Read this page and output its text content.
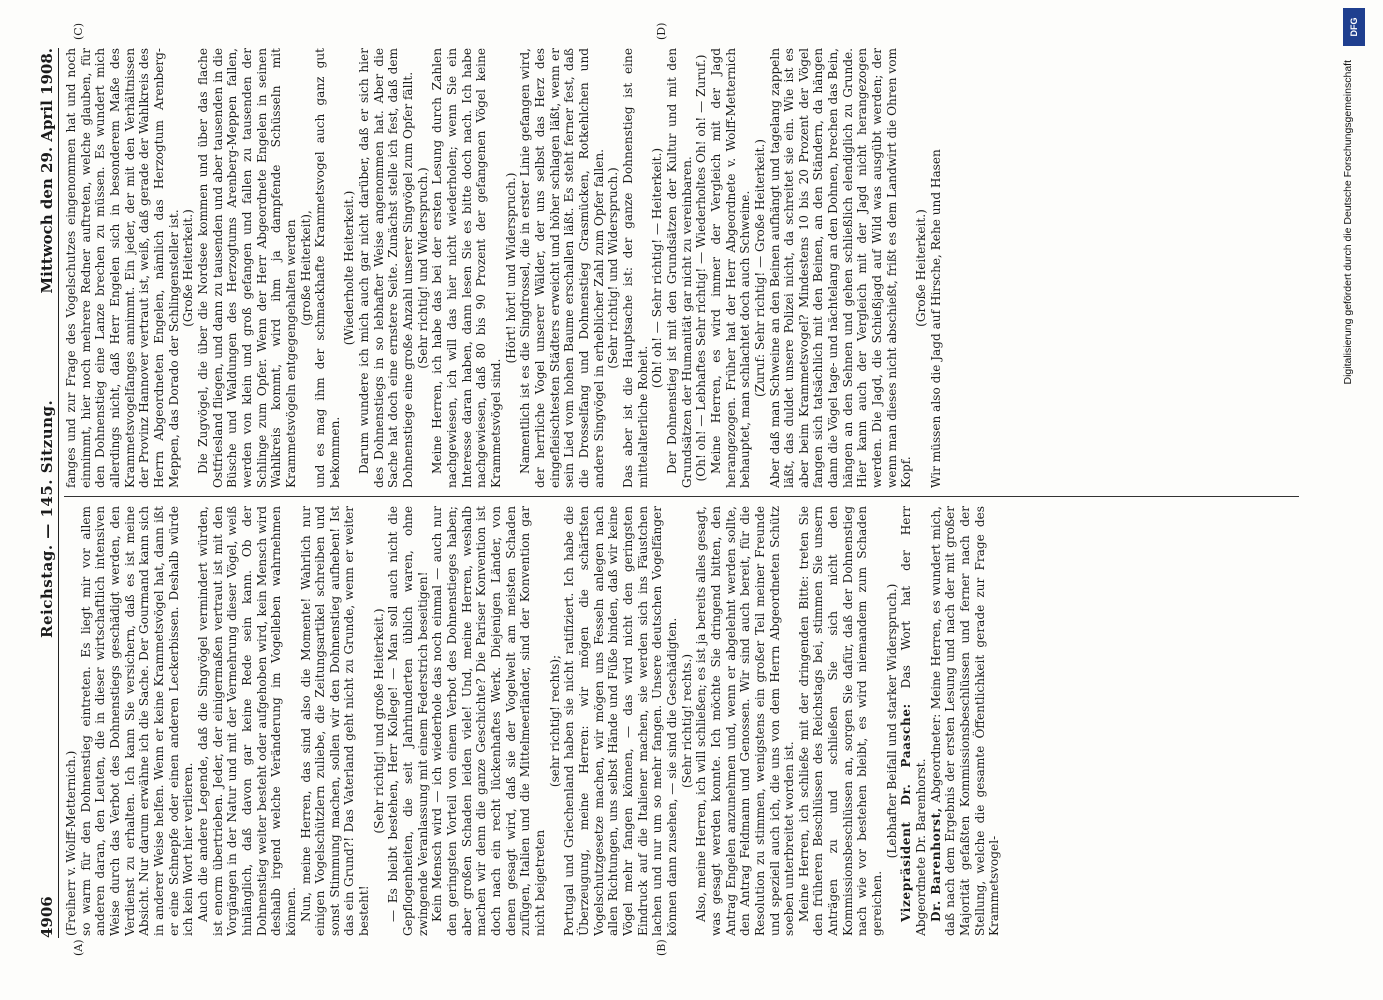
4906
Reichstag. — 145. Sitzung.
Mittwoch den 29. April 1908.
(A)	(B)
(C)	(D)

(Freiherr v. Wolff-Metternich.) so warm für den Dohnenstieg eintreten. Es liegt mir vor allem anderen daran, den Leuten, die in dieser wirtschaftlich intensiven Weise durch das Verbot des Dohnenstiegs geschädigt werden, den Verdienst zu erhalten. Ich kann Sie versichern, daß es ist meine Absicht. Nur darum erwähne ich die Sache. Der Gourmand kann sich in anderer Weise helfen. Wenn er keine Krammetsvögel hat, dann ißt er eine Schnepfe oder einen anderen Leckerbissen. Deshalb würde ich kein Wort hier verlieren. Auch die andere Legende, daß die Singvögel vermindert würden, ist enorm übertrieben. Jeder, der einigermaßen vertraut ist mit den Vorgängen in der Natur und mit der Vermehrung dieser Vögel, weiß hinlänglich, daß davon gar keine Rede sein kann. Ob der Dohnenstieg weiter besteht oder aufgehoben wird, kein Mensch wird deshalb irgend welche Veränderung im Vogelleben wahrnehmen können. Nun, meine Herren, das sind also die Momente! Wahrlich nur einigen Vogelschützlern zuliebe, die Zeitungsartikel schreiben und sonst Stimmung machen, sollen wir den Dohnenstieg aufheben! Ist das ein Grund?! Das Vaterland geht nicht zu Grunde, wenn er weiter besteht!

(Sehr richtig! und große Heiterkeit.) — Es bleibt bestehen, Herr Kollege! — Man soll auch nicht die Gepflogenheiten, die seit Jahrhunderten üblich waren, ohne zwingende Veranlassung mit einem Federstrich beseitigen! Kein Mensch wird — ich wiederhole das noch einmal — auch nur den geringsten Vorteil von einem Verbot des Dohnenstieges haben; aber großen Schaden leiden viele! Und, meine Herren, weshalb machen wir denn die ganze Geschichte? Die Pariser Konvention ist doch nach ein recht lückenhaftes Werk. Diejenigen Länder, von denen gesagt wird, daß sie der Vogelwelt am meisten Schaden zufügen, Italien und die Mittelmeerländer, sind der Konvention gar nicht beigetreten

(sehr richtig! rechts); Portugal und Griechenland haben sie nicht ratifiziert. Ich habe die Überzeugung, meine Herren: wir mögen die schärfsten Vogelschutzgesetze machen, wir mögen uns Fesseln anlegen nach allen Richtungen, uns selbst Hände und Füße binden, daß wir keine Vögel mehr fangen können, — das wird nicht den geringsten Eindruck auf die Italiener machen, sie werden sich ins Fäustchen lachen und nur um so mehr fangen. Unsere deutschen Vogelfänger können dann zusehen, — sie sind die Geschädigten. (Sehr richtig! rechts.) Also, meine Herren, ich will schließen; es ist ja bereits alles gesagt, was gesagt werden konnte. Ich möchte Sie dringend bitten, den Antrag Engelen anzunehmen und, wenn er abgelehnt werden sollte, den Antrag Feldmann und Genossen. Wir sind auch bereit, für die Resolution zu stimmen, wenigstens ein großer Teil meiner Freunde und speziell auch ich, die uns von dem Herrn Abgeordneten Schütz soeben unterbreitet worden ist. Meine Herren, ich schließe mit der dringenden Bitte: treten Sie den früheren Beschlüssen des Reichstags bei, stimmen Sie unsern Anträgen zu und schließen Sie sich nicht den Kommissionsbeschlüssen an, sorgen Sie dafür, daß der Dohnenstieg nach wie vor bestehen bleibt, es wird niemandem zum Schaden gereichen.

(Lebhafter Beifall und starker Widerspruch.) Vizepräsident Dr. Paasche: Das Wort hat der Herr Abgeordnete Dr. Barenhorst. Dr. Barenhorst, Abgeordneter: Meine Herren, es wundert mich, daß nach dem Ergebnis der ersten Lesung und nach der mit großer Majorität gefaßten Kommissionsbeschlüssen und ferner nach der Stellung, welche die gesamte Öffentlichkeit gerade zur Frage des Krammetsvogel-

fanges und zur Frage des Vogelschutzes eingenommen hat und noch einnimmt, hier noch mehrere Redner auftreten, welche glauben, für den Dohnenstieg eine Lanze brechen zu müssen. Es wundert mich allerdings nicht, daß Herr Engelen sich in besonderem Maße des Krammetsvogelfanges annimmt. Ein jeder, der mit den Verhältnissen der Provinz Hannover vertraut ist, weiß, daß gerade der Wahlkreis des Herrn Abgeordneten Engelen, nämlich das Herzogtum Arenberg-Meppen, das Dorado der Schlingensteller ist. (Große Heiterkeit.) Die Zugvögel, die über die Nordsee kommen und über das flache Ostfriesland fliegen, und dann zu tausenden und aber tausenden in die Büsche und Waldungen des Herzogtums Arenberg-Meppen fallen, werden von klein und groß gefangen und fallen zu tausenden der Schlinge zum Opfer. Wenn der Herr Abgeordnete Engelen in seinen Wahlkreis kommt, wird ihm ja dampfende Schüsseln mit Krammetsvögeln entgegengehalten werden (große Heiterkeit), und es mag ihm der schmackhafte Krammetsvogel auch ganz gut bekommen.

(Wiederholte Heiterkeit.) Darum wundere ich mich auch gar nicht darüber, daß er sich hier des Dohnenstiegs in so lebhafter Weise angenommen hat. Aber die Sache hat doch eine ernstere Seite. Zunächst stelle ich fest, daß dem Dohnenstiege eine große Anzahl unserer Singvögel zum Opfer fällt. (Sehr richtig! und Widerspruch.) Meine Herren, ich habe das bei der ersten Lesung durch Zahlen nachgewiesen, ich will das hier nicht wiederholen; wenn Sie ein Interesse daran haben, dann lesen Sie es bitte doch nach. Ich habe nachgewiesen, daß 80 bis 90 Prozent der gefangenen Vögel keine Krammetsvögel sind.

(Hört! hört! und Widerspruch.) Namentlich ist es die Singdrossel, die in erster Linie gefangen wird, der herrliche Vogel unserer Wälder, der uns selbst das Herz des eingefleischtesten Städters erweicht und höher schlagen läßt, wenn er sein Lied vom hohen Baume erschallen läßt. Es steht ferner fest, daß die Drosselfang und Dohnenstieg Grasmücken, Rotkehlchen und andere Singvögel in erheblicher Zahl zum Opfer fallen. (Sehr richtig! und Widerspruch.) Das aber ist die Hauptsache ist: der ganze Dohnenstieg ist eine mittelalterliche Roheit.

(Oh! oh! — Sehr richtig! — Heiterkeit.) Der Dohnenstieg ist mit den Grundsätzen der Kultur und mit den Grundsätzen der Humanität gar nicht zu vereinbaren. (Oh! oh! — Lebhaftes Sehr richtig! — Wiederholtes Oh! oh! — Zuruf.) Meine Herren, es wird immer der Vergleich mit der Jagd herangezogen. Früher hat der Herr Abgeordnete v. Wolff-Metternich behauptet, man schlachtet doch auch Schweine. (Zuruf: Sehr richtig! — Große Heiterkeit.) Aber daß man Schweine an den Beinen aufhängt und tagelang zappeln läßt, das duldet unsere Polizei nicht, da schreitet sie ein. Wie ist es aber beim Krammetsvogel? Mindestens 10 bis 20 Prozent der Vögel fangen sich tatsächlich mit den Beinen, an den Ständern, da hängen dann die Vögel tage- und nächtelang an den Dohnen, brechen das Bein, hängen an den Sehnen und gehen schließlich elendiglich zu Grunde. Hier kann auch der Vergleich mit der Jagd nicht herangezogen werden. Die Jagd, die Schießjagd auf Wild was ausgübt werden; der wenn man dieses nicht abschießt, frißt es dem Landwirt die Ohren vom Kopf.

(Große Heiterkeit.) Wir müssen also die Jagd auf Hirsche, Rehe und Hasen

DFG
Digitalisierung gefördert durch die Deutsche Forschungsgemeinschaft
